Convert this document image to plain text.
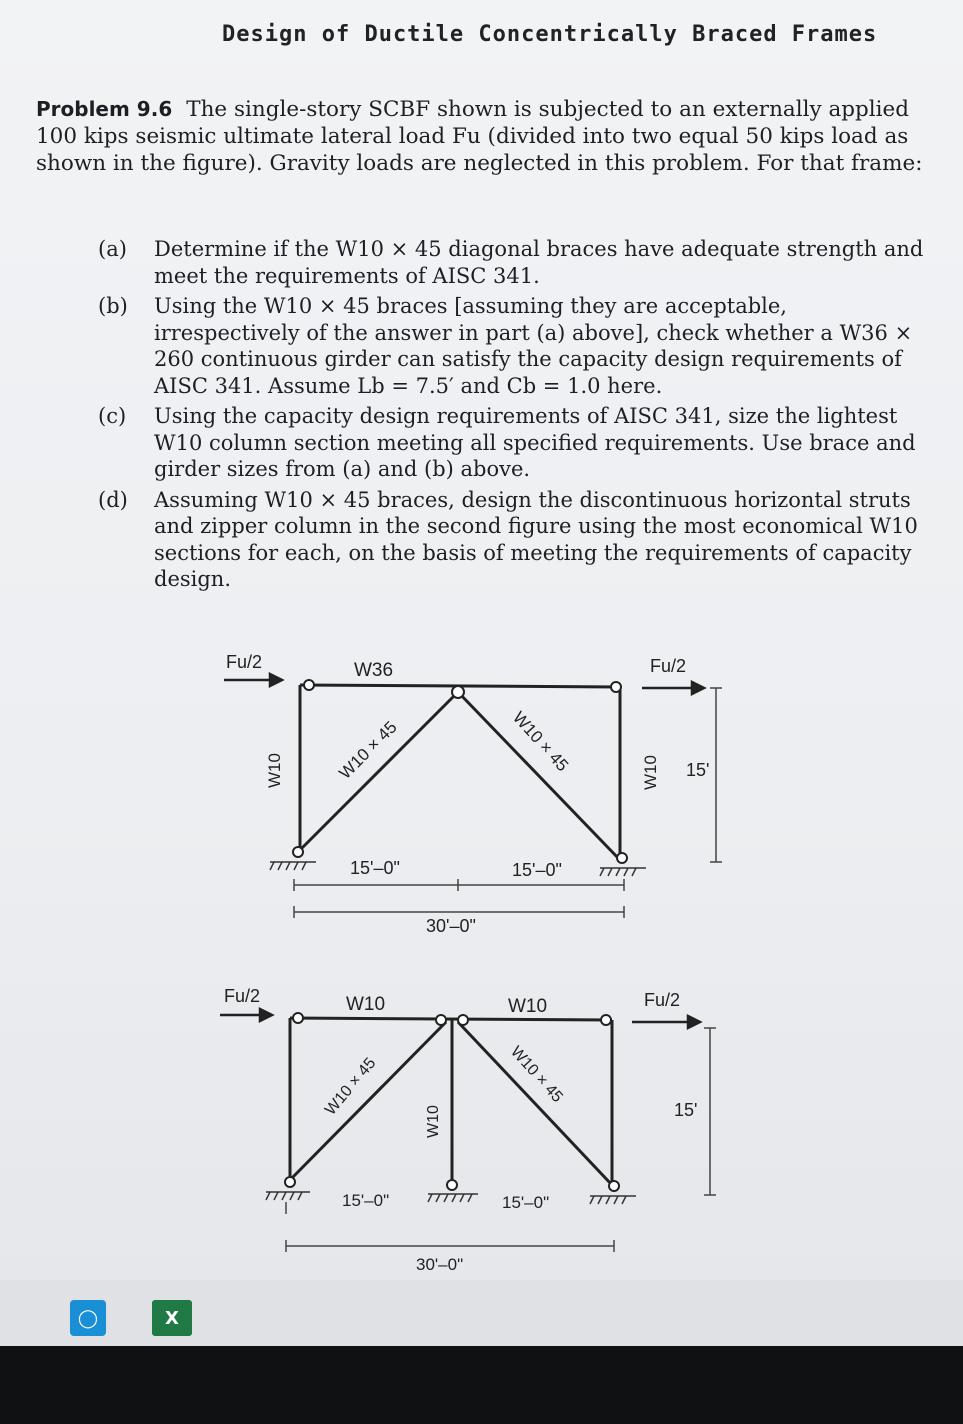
Design of Ductile Concentrically Braced Frames
Problem 9.6 The single-story SCBF shown is subjected to an externally applied 100 kips seismic ultimate lateral load Fu (divided into two equal 50 kips load as shown in the figure). Gravity loads are neglected in this problem. For that frame:
(a)	Determine if the W10 × 45 diagonal braces have adequate strength and meet the requirements of AISC 341.
(b)	Using the W10 × 45 braces [assuming they are acceptable, irrespectively of the answer in part (a) above], check whether a W36 × 260 continuous girder can satisfy the capacity design requirements of AISC 341. Assume Lb = 7.5′ and Cb = 1.0 here.
(c)	Using the capacity design requirements of AISC 341, size the lightest W10 column section meeting all specified requirements. Use brace and girder sizes from (a) and (b) above.
(d)	Assuming W10 × 45 braces, design the discontinuous horizontal struts and zipper column in the second figure using the most economical W10 sections for each, on the basis of meeting the requirements of capacity design.
Fu/2	Fu/2
W36
W10 × 45	W10 × 45
W10	W10 15'
15'–0"	15'–0"
30'–0"
Fu/2	Fu/2
W10	W10
W10 × 45	W10 × 45
W10	15'
15'–0"	15'–0"
30'–0"
◯	X
